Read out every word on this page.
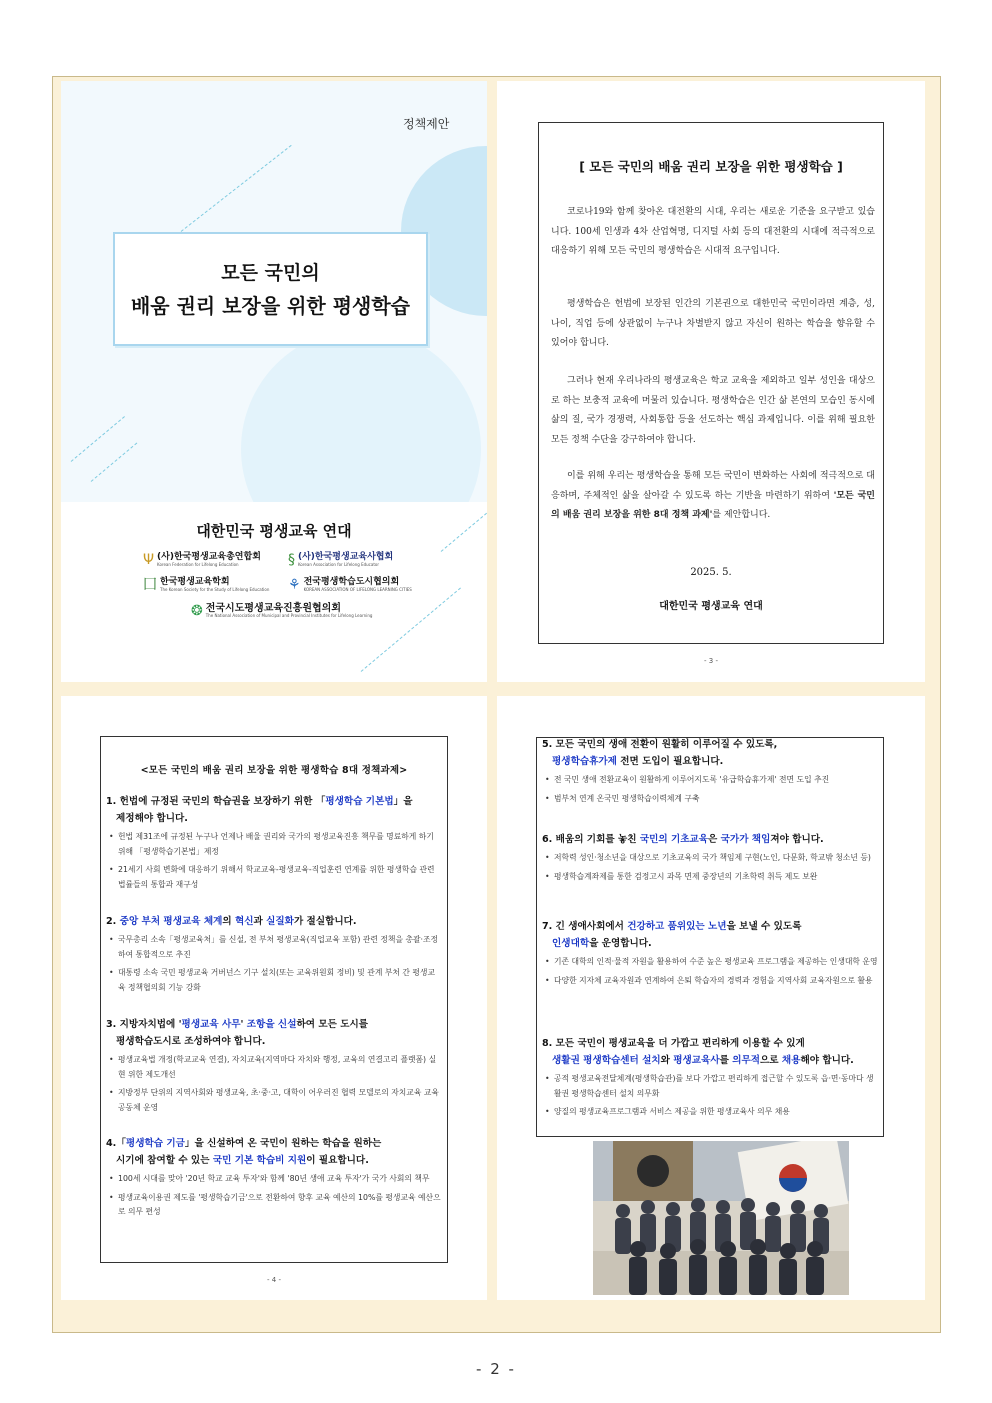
정책제안
모든 국민의
배움 권리 보장을 위한 평생학습
대한민국 평생교육 연대
Ψ (사)한국평생교육총연합회
Korean Federation for Lifelong Education	§ (사)한국평생교육사협회
Korean Association for Lifelong Educator
⼞ 한국평생교육학회
The Korean Society for the Study of Lifelong Education ⚘ 전국평생학습도시협의회
KOREAN ASSOCIATION OF LIFELONG LEARNING CITIES
❂ 전국시도평생교육진흥원협의회
The National Association of Municipal and Provincial Institutes for Lifelong Learning
[ 모든 국민의 배움 권리 보장을 위한 평생학습 ]

코로나19와 함께 찾아온 대전환의 시대, 우리는 새로운 기준을 요구받고 있습니다. 100세 인생과 4차 산업혁명, 디지털 사회 등의 대전환의 시대에 적극적으로 대응하기 위해 모든 국민의 평생학습은 시대적 요구입니다.

평생학습은 헌법에 보장된 인간의 기본권으로 대한민국 국민이라면 계층, 성, 나이, 직업 등에 상관없이 누구나 차별받지 않고 자신이 원하는 학습을 향유할 수 있어야 합니다.

그러나 현재 우리나라의 평생교육은 학교 교육을 제외하고 일부 성인을 대상으로 하는 보충적 교육에 머물러 있습니다. 평생학습은 인간 삶 본연의 모습인 동시에 삶의 질, 국가 경쟁력, 사회통합 등을 선도하는 핵심 과제입니다. 이를 위해 필요한 모든 정책 수단을 강구하여야 합니다.

이를 위해 우리는 평생학습을 통해 모든 국민이 변화하는 사회에 적극적으로 대응하며, 주체적인 삶을 살아갈 수 있도록 하는 기반을 마련하기 위하여 '모든 국민의 배움 권리 보장을 위한 8대 정책 과제'를 제안합니다.

2025. 5.
대한민국 평생교육 연대
- 3 -
<모든 국민의 배움 권리 보장을 위한 평생학습 8대 정책과제>
1. 헌법에 규정된 국민의 학습권을 보장하기 위한 「평생학습 기본법」을
제정해야 합니다.
• 헌법 제31조에 규정된 누구나 언제나 배울 권리와 국가의 평생교육진흥 책무를 명료하게 하기 위해 「평생학습기본법」제정
• 21세기 사회 변화에 대응하기 위해서 학교교육-평생교육-직업훈련 연계를 위한 평생학습 관련 법률들의 통합과 재구성
2. 중앙 부처 평생교육 체계의 혁신과 실질화가 절실합니다.
• 국무총리 소속「평생교육처」를 신설, 전 부처 평생교육(직업교육 포함) 관련 정책을 총괄·조정하여 통합적으로 추진
• 대통령 소속 국민 평생교육 거버넌스 기구 설치(또는 교육위원회 정비) 및 관계 부처 간 평생교육 정책협의회 기능 강화
3. 지방자치법에 '평생교육 사무' 조항을 신설하여 모든 도시를
평생학습도시로 조성하여야 합니다.
• 평생교육법 개정(학교교육 연결), 자치교육(지역마다 자치와 행정, 교육의 연결고리 플랫폼) 실현 위한 제도개선
• 지방정부 단위의 지역사회와 평생교육, 초·중·고, 대학이 어우러진 협력 모델로의 자치교육 교육공동체 운영
4.「평생학습 기금」을 신설하여 온 국민이 원하는 학습을 원하는
시기에 참여할 수 있는 국민 기본 학습비 지원이 필요합니다.
• 100세 시대를 맞아 '20년 학교 교육 투자'와 함께 '80년 생애 교육 투자'가 국가 사회의 책무
• 평생교육이용권 제도를 '평생학습기금'으로 전환하여 향후 교육 예산의 10%를 평생교육 예산으로 의무 편성
- 4 -
5. 모든 국민의 생애 전환이 원활히 이루어질 수 있도록,
평생학습휴가제 전면 도입이 필요합니다.
• 전 국민 생애 전환교육이 원활하게 이루어지도록 '유급학습휴가제' 전면 도입 추진
• 범부처 연계 온국민 평생학습이력체계 구축
6. 배움의 기회를 놓친 국민의 기초교육은 국가가 책임져야 합니다.
• 저학력 성인·청소년을 대상으로 기초교육의 국가 책임제 구현(노인, 다문화, 학교밖 청소년 등)
• 평생학습계좌제를 통한 검정고시 과목 면제 중장년의 기초학력 취득 제도 보완
7. 긴 생애사회에서 건강하고 품위있는 노년을 보낼 수 있도록
인생대학을 운영합니다.
• 기존 대학의 인적·물적 자원을 활용하여 수준 높은 평생교육 프로그램을 제공하는 인생대학 운영
• 다양한 지자체 교육자원과 연계하여 은퇴 학습자의 경력과 경험을 지역사회 교육자원으로 활용
8. 모든 국민이 평생교육을 더 가깝고 편리하게 이용할 수 있게
생활권 평생학습센터 설치와 평생교육사를 의무적으로 채용해야 합니다.
• 공적 평생교육전달체계(평생학습관)를 보다 가깝고 편리하게 접근할 수 있도록 읍·면·동마다 생활권 평생학습센터 설치 의무화
• 양질의 평생교육프로그램과 서비스 제공을 위한 평생교육사 의무 채용
- 2 -
